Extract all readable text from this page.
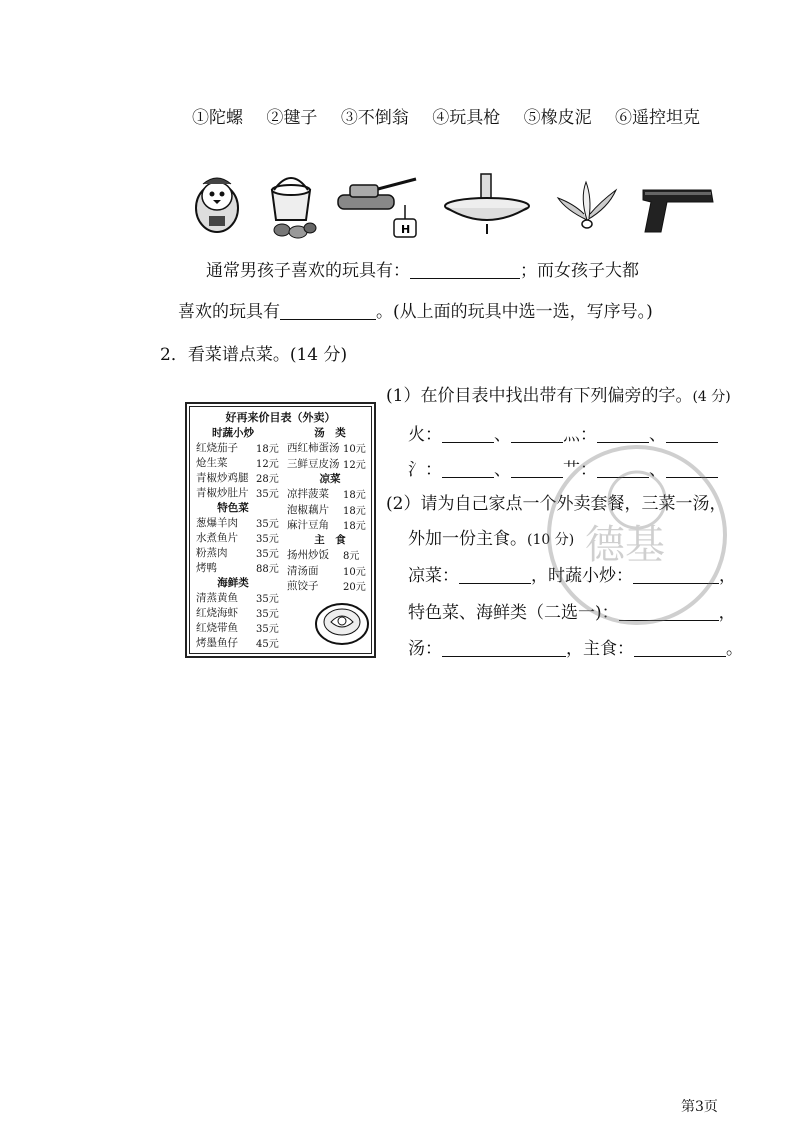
①陀螺 ②毽子 ③不倒翁 ④玩具枪 ⑤橡皮泥 ⑥遥控坦克
H
通常男孩子喜欢的玩具有：	；而女孩子大都
喜欢的玩具有	。(从上面的玩具中选一选，写序号。)
2．看菜谱点菜。(14 分)
好再来价目表（外卖）
时蔬小炒
红烧茄子 18元
炝生菜	12元
青椒炒鸡腿 28元
青椒炒肚片 35元
特色菜
葱爆羊肉 35元
水煮鱼片 35元
粉蒸肉	35元
烤鸭	88元
海鲜类
清蒸黄鱼 35元
红烧海虾 35元
红烧带鱼 35元
烤墨鱼仔 45元
汤　类
西红柿蛋汤 10元
三鲜豆皮汤 12元
凉菜
凉拌菠菜 18元
泡椒藕片 18元
麻汁豆角 18元
主　食
扬州炒饭 8元
清汤面 10元
煎饺子 20元
(1）在价目表中找出带有下列偏旁的字。(4 分)
火：	、	灬：	、
氵：	、	艹：	、
(2）请为自己家点一个外卖套餐，三菜一汤，
外加一份主食。(10 分)
凉菜：	，时蔬小炒：	，
特色菜、海鲜类（二选一)：	，
汤：	，主食：	。
德基
第3页
